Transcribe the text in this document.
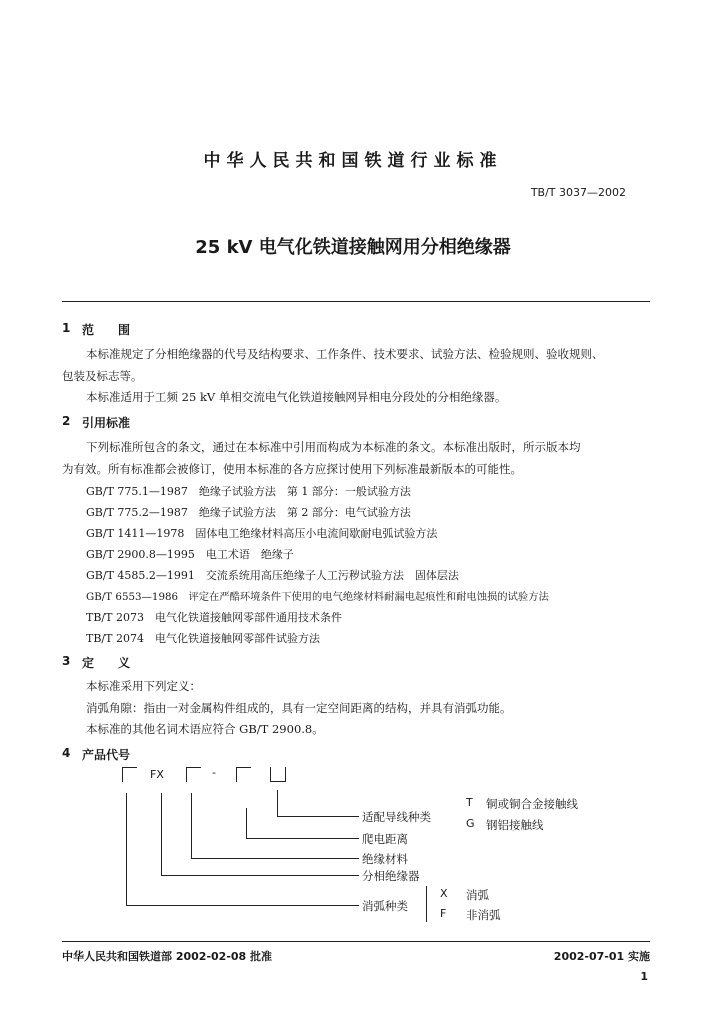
中华人民共和国铁道行业标准
TB/T 3037—2002
25 kV 电气化铁道接触网用分相绝缘器
1 范　　围
本标准规定了分相绝缘器的代号及结构要求、工作条件、技术要求、试验方法、检验规则、验收规则、
包装及标志等。
本标准适用于工频 25 kV 单相交流电气化铁道接触网异相电分段处的分相绝缘器。
2 引用标准
下列标准所包含的条文，通过在本标准中引用而构成为本标准的条文。本标准出版时，所示版本均
为有效。所有标准都会被修订，使用本标准的各方应探讨使用下列标准最新版本的可能性。
GB/T 775.1—1987　绝缘子试验方法　第 1 部分：一般试验方法
GB/T 775.2—1987　绝缘子试验方法　第 2 部分：电气试验方法
GB/T 1411—1978　固体电工绝缘材料高压小电流间歇耐电弧试验方法
GB/T 2900.8—1995　电工术语　绝缘子
GB/T 4585.2—1991　交流系统用高压绝缘子人工污秽试验方法　固体层法
GB/T 6553—1986　评定在严酷环境条件下使用的电气绝缘材料耐漏电起痕性和耐电蚀损的试验方法
TB/T 2073　电气化铁道接触网零部件通用技术条件
TB/T 2074　电气化铁道接触网零部件试验方法
3 定　　义
本标准采用下列定义：
消弧角隙：指由一对金属构件组成的，具有一定空间距离的结构，并具有消弧功能。
本标准的其他名词术语应符合 GB/T 2900.8。
4 产品代号
FX	-
适配导线种类
爬电距离
绝缘材料
分相绝缘器
消弧种类
T 铜或铜合金接触线
G 钢铝接触线
X 消弧
F 非消弧
中华人民共和国铁道部 2002-02-08 批准	2002-07-01 实施
1
